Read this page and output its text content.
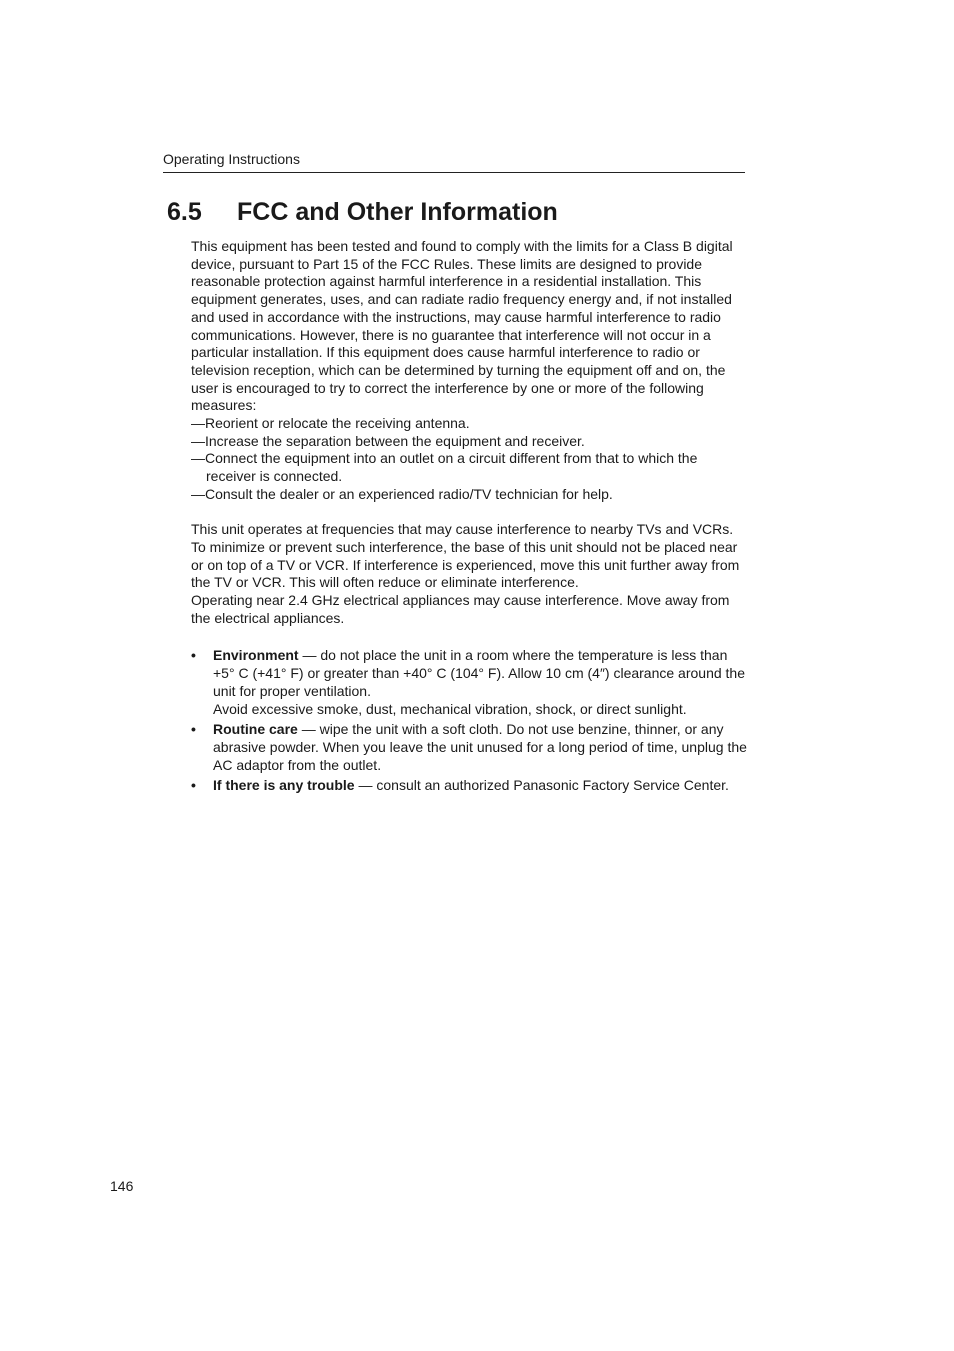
Operating Instructions
6.5 FCC and Other Information

This equipment has been tested and found to comply with the limits for a Class B digital device, pursuant to Part 15 of the FCC Rules. These limits are designed to provide reasonable protection against harmful interference in a residential installation. This equipment generates, uses, and can radiate radio frequency energy and, if not installed and used in accordance with the instructions, may cause harmful interference to radio communications. However, there is no guarantee that interference will not occur in a particular installation. If this equipment does cause harmful interference to radio or television reception, which can be determined by turning the equipment off and on, the user is encouraged to try to correct the interference by one or more of the following measures:

—Reorient or relocate the receiving antenna.
—Increase the separation between the equipment and receiver.
—Connect the equipment into an outlet on a circuit different from that to which the receiver is connected.
—Consult the dealer or an experienced radio/TV technician for help.

This unit operates at frequencies that may cause interference to nearby TVs and VCRs. To minimize or prevent such interference, the base of this unit should not be placed near or on top of a TV or VCR. If interference is experienced, move this unit further away from the TV or VCR. This will often reduce or eliminate interference.

Operating near 2.4 GHz electrical appliances may cause interference. Move away from the electrical appliances.

• Environment — do not place the unit in a room where the temperature is less than +5° C (+41° F) or greater than +40° C (104° F). Allow 10 cm (4″) clearance around the unit for proper ventilation.
Avoid excessive smoke, dust, mechanical vibration, shock, or direct sunlight.
• Routine care — wipe the unit with a soft cloth. Do not use benzine, thinner, or any abrasive powder. When you leave the unit unused for a long period of time, unplug the AC adaptor from the outlet.
• If there is any trouble — consult an authorized Panasonic Factory Service Center.
146
